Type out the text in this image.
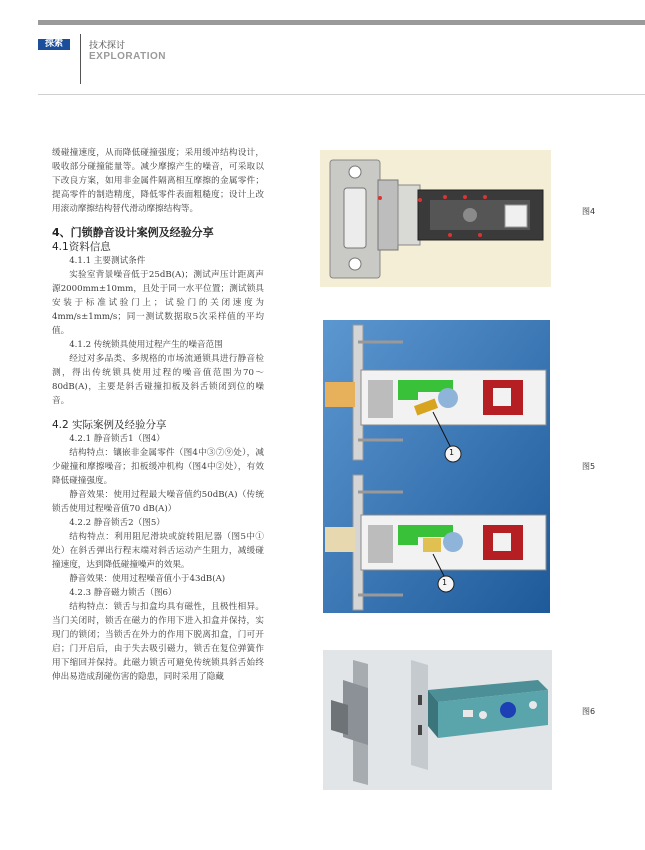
探索	技术探讨
EXPLORATION

缓碰撞速度，从而降低碰撞强度；采用缓冲结构设计，吸收部分碰撞能量等。减少摩擦产生的噪音，可采取以下改良方案，如用非金属件隔离相互摩擦的金属零件；提高零件的制造精度，降低零件表面粗糙度；设计上改用滚动摩擦结构替代滑动摩擦结构等。

4、门锁静音设计案例及经验分享

4.1资料信息

4.1.1 主要测试条件

实验室背景噪音低于25dB(A)；测试声压计距离声源2000mm±10mm，且处于同一水平位置；测试锁具安装于标准试验门上；试验门的关闭速度为4mm/s±1mm/s；同一测试数据取5次采样值的平均值。

4.1.2 传统锁具使用过程产生的噪音范围

经过对多品类、多规格的市场流通锁具进行静音检测，得出传统锁具使用过程的噪音值范围为70～80dB(A)，主要是斜舌碰撞扣板及斜舌锁闭到位的噪音。

4.2 实际案例及经验分享

4.2.1 静音锁舌1（图4）

结构特点：镶嵌非金属零件（图4中③⑦⑨处），减少碰撞和摩擦噪音；扣板缓冲机构（图4中②处），有效降低碰撞强度。

静音效果：使用过程最大噪音值约50dB(A)（传统锁舌使用过程噪音值70 dB(A)）

4.2.2 静音锁舌2（图5）

结构特点：利用阻尼滑块或旋转阻尼器（图5中①处）在斜舌弹出行程末端对斜舌运动产生阻力，减缓碰撞速度，达到降低碰撞噪声的效果。

静音效果：使用过程噪音值小于43dB(A)

4.2.3 静音磁力锁舌（图6）

结构特点：锁舌与扣盒均具有磁性，且极性相异。当门关闭时，锁舌在磁力的作用下进入扣盒并保持，实现门的锁闭；当锁舌在外力的作用下脱离扣盒，门可开启；门开启后，由于失去吸引磁力，锁舌在复位弹簧作用下缩回并保持。此磁力锁舌可避免传统锁具斜舌始终伸出易造成刮碰伤害的隐患，同时采用了隐藏

图4
1
1
图5
图6
